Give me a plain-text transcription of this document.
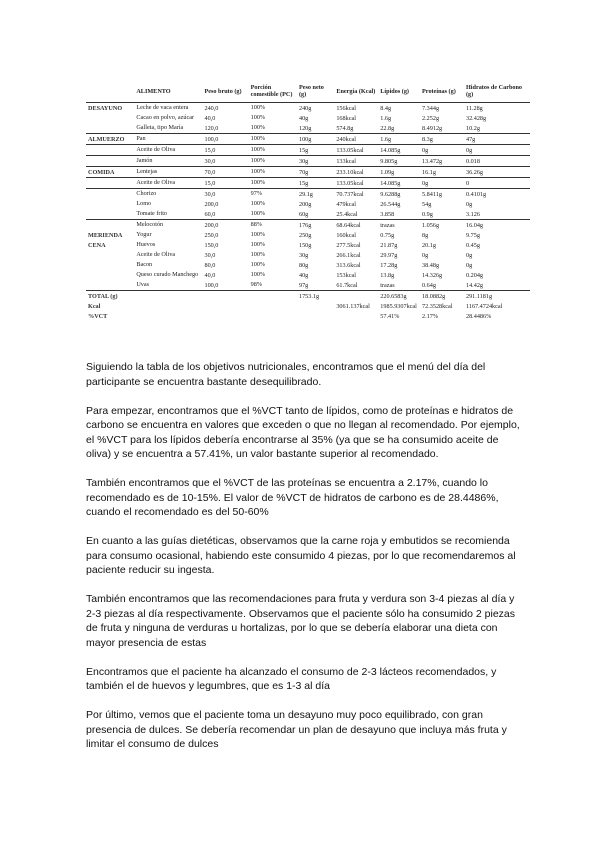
	ALIMENTO	Peso bruto (g)	Porción comestible (PC)	Peso neto (g)	Energía (Kcal)	Lípidos (g)	Proteínas (g)	Hidratos de Carbono (g)
DESAYUNO	Leche de vaca entera	240,0	100%	240g	156kcal	8.4g	7.344g	11.28g
	Cacao en polvo, azúcar	40,0	100%	40g	168kcal	1.6g	2.252g	32.428g
	Galleta, tipo María	120,0	100%	120g	574.8g	22.8g	8.4912g	10.2g
ALMUERZO	Pan	100,0	100%	100g	240kcal	1.6g	8.3g	47g
	Aceite de Oliva	15,0	100%	15g	133.05kcal	14.085g	0g	0g
	Jamón	30,0	100%	30g	133kcal	9.805g	13.472g	0.018
COMIDA	Lentejas	70,0	100%	70g	233.10kcal	1.09g	16.1g	36.26g
	Aceite de Oliva	15,0	100%	15g	133.05kcal	14.085g	0g	0
	Chorizo	30,0	97%	29.1g	70.737kcal	9.6288g	5.8411g	0.4101g
	Lomo	200,0	100%	200g	479kcal	26.544g	54g	0g
	Tomate frito	60,0	100%	60g	25.4kcal	3.858	0.9g	3.126
	Melocotón	200,0	88%	176g	68.64kcal	trazas	1.056g	16.04g
MERIENDA	Yogur	250,0	100%	250g	160kcal	0.75g	8g	9.75g
CENA	Huevos	150,0	100%	150g	277.5kcal	21.87g	20.1g	0.45g
	Aceite de Oliva	30,0	100%	30g	266.1kcal	29.97g	0g	0g
	Bacon	80,0	100%	80g	313.6kcal	17.28g	38.48g	0g
	Queso curado Manchego	40,0	100%	40g	153kcal	13.8g	14.326g	0.204g
	Uvas	100,0	98%	97g	61.7kcal	trazas	0.64g	14.42g
TOTAL (g)				1753.1g		220.6583g	18.0882g	291.1181g
Kcal					3061.137kcal	1985.9307kcal	72.3528kcal	1167.4724kcal
%VCT						57.41%	2.17%	28.4486%

Siguiendo la tabla de los objetivos nutricionales, encontramos que el menú del día del participante se encuentra bastante desequilibrado.

Para empezar, encontramos que el %VCT tanto de lípidos, como de proteínas e hidratos de carbono se encuentra en valores que exceden o que no llegan al recomendado. Por ejemplo, el %VCT para los lípidos debería encontrarse al 35% (ya que se ha consumido aceite de oliva) y se encuentra a 57.41%, un valor bastante superior al recomendado.

También encontramos que el %VCT de las proteínas se encuentra a 2.17%, cuando lo recomendado es de 10-15%. El valor de %VCT de hidratos de carbono es de 28.4486%, cuando el recomendado es del 50-60%

En cuanto a las guías dietéticas, observamos que la carne roja y embutidos se recomienda para consumo ocasional, habiendo este consumido 4 piezas, por lo que recomendaremos al paciente reducir su ingesta.

También encontramos que las recomendaciones para fruta y verdura son 3-4 piezas al día y 2-3 piezas al día respectivamente. Observamos que el paciente sólo ha consumido 2 piezas de fruta y ninguna de verduras u hortalizas, por lo que se debería elaborar una dieta con mayor presencia de estas

Encontramos que el paciente ha alcanzado el consumo de 2-3 lácteos recomendados, y también el de huevos y legumbres, que es 1-3 al día

Por último, vemos que el paciente toma un desayuno muy poco equilibrado, con gran presencia de dulces. Se debería recomendar un plan de desayuno que incluya más fruta y limitar el consumo de dulces
